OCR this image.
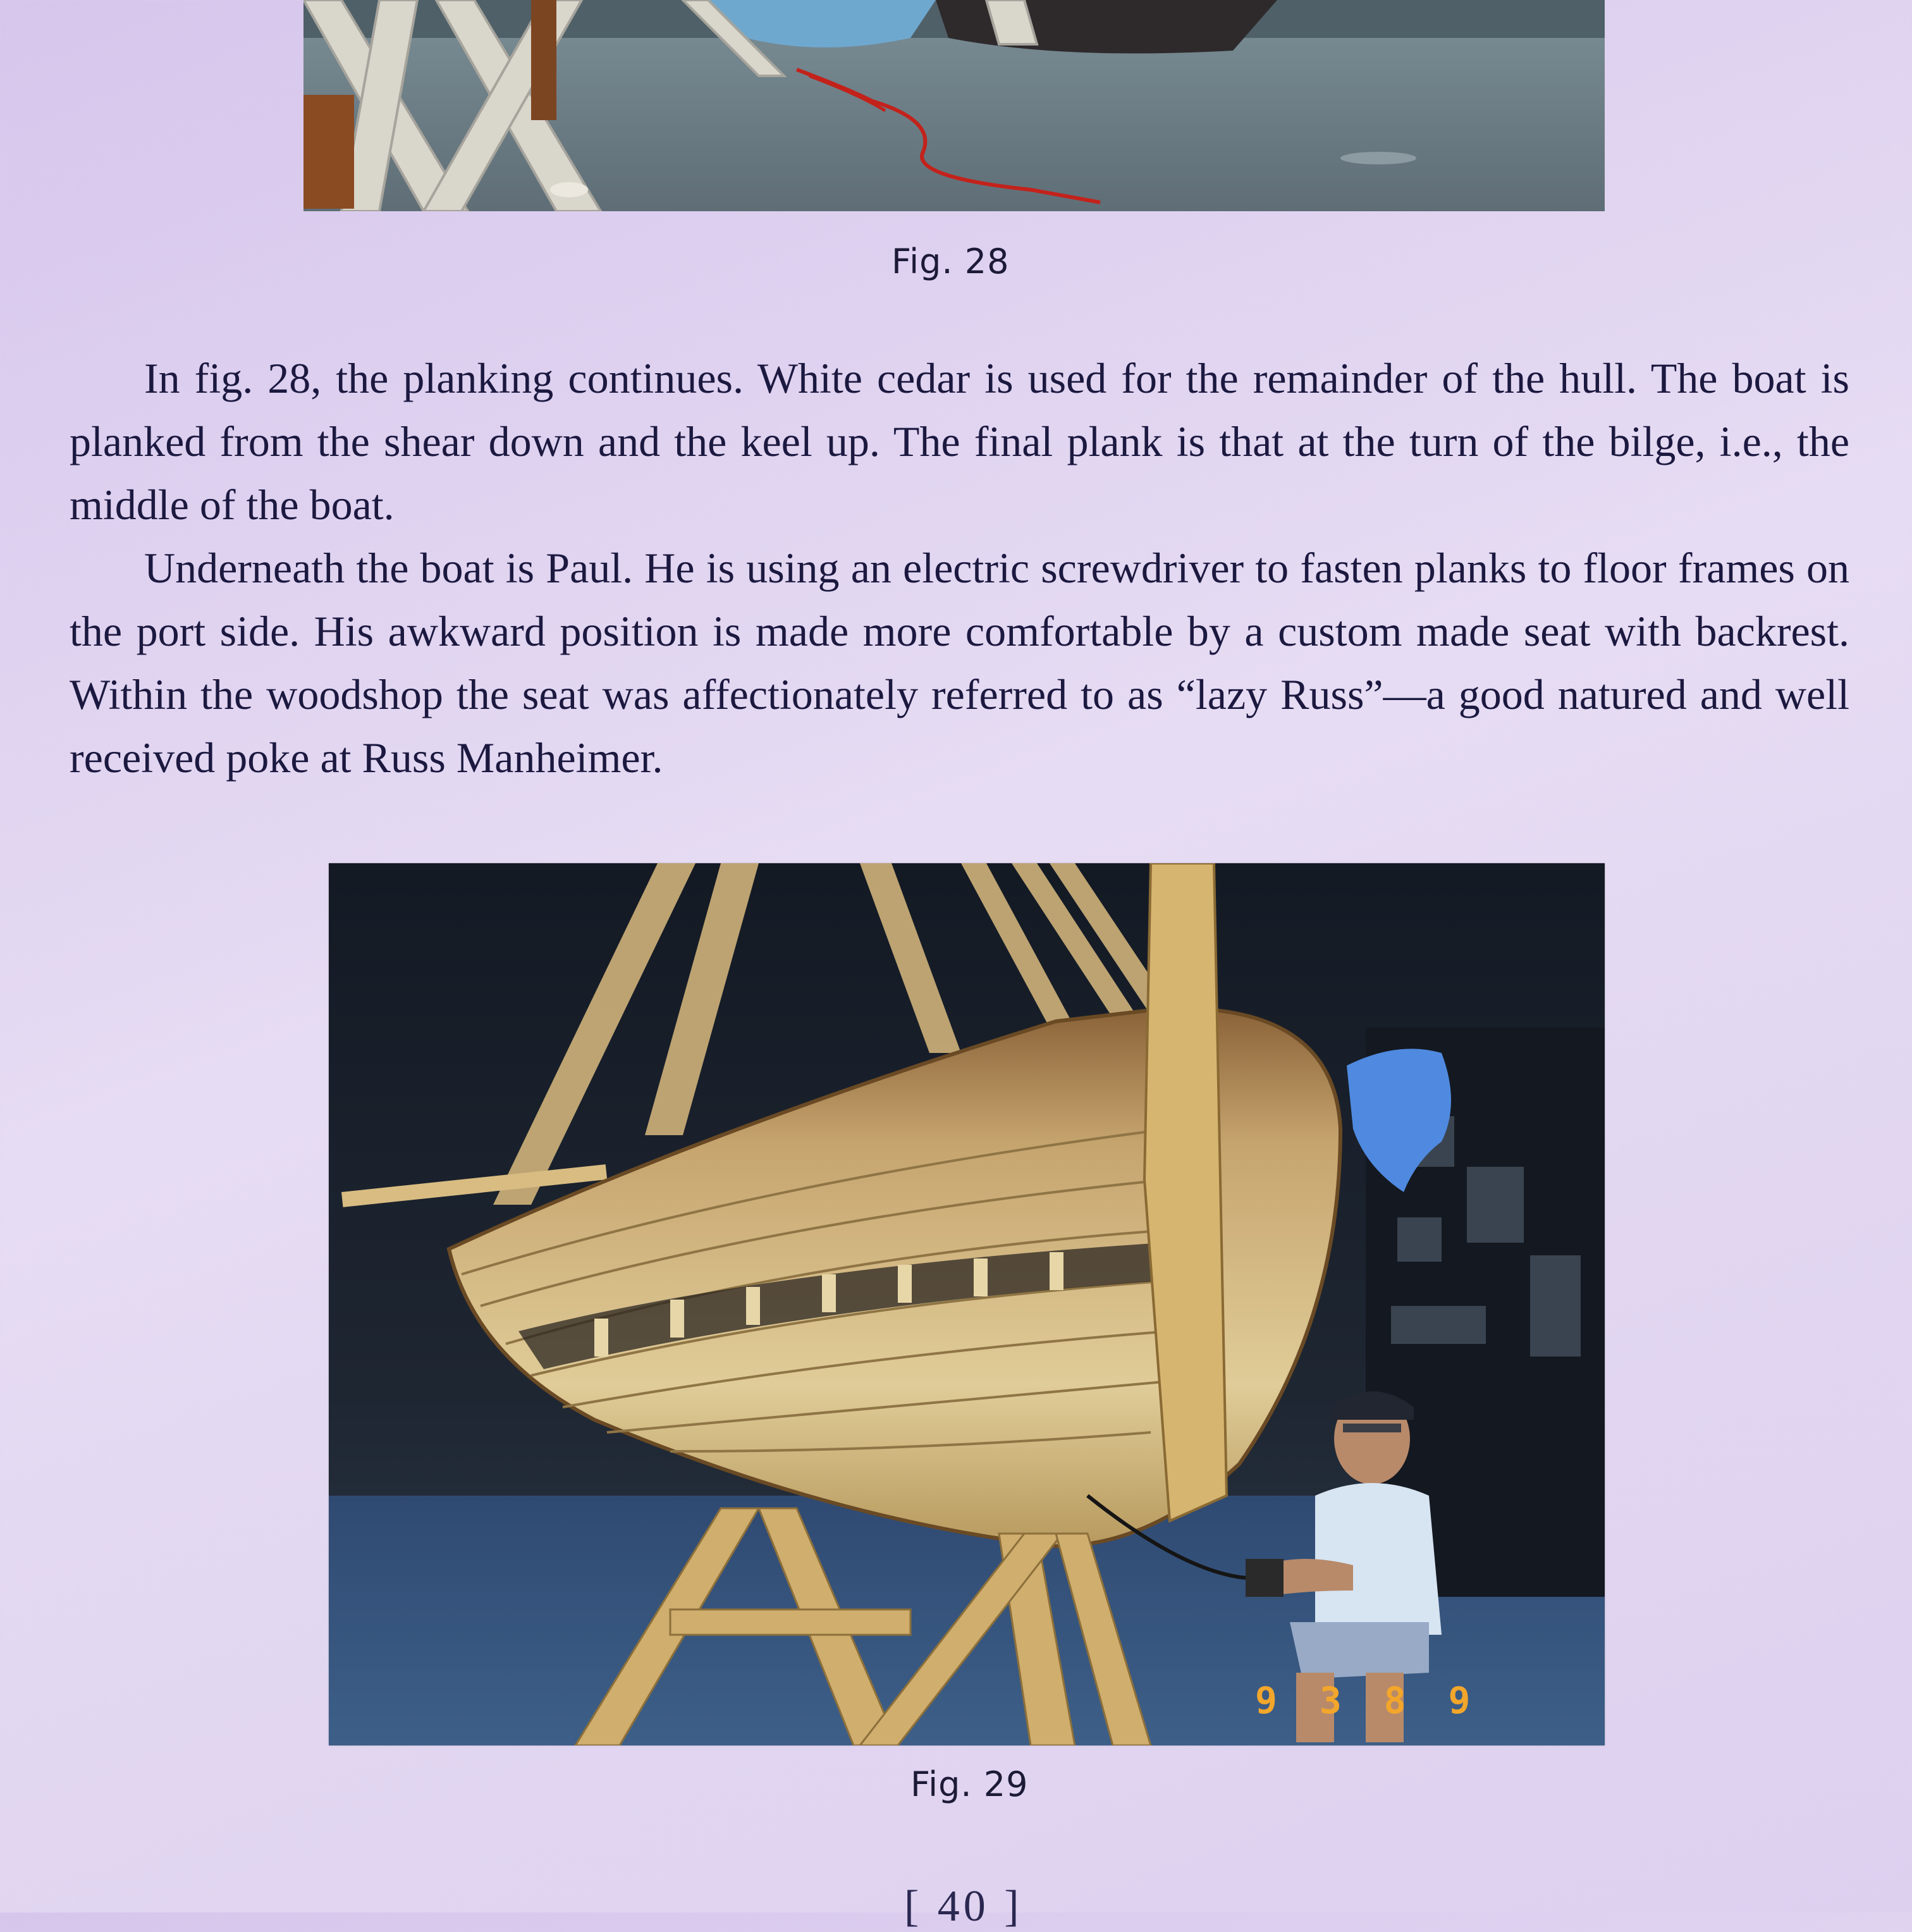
Fig. 28

In fig. 28, the planking continues. White cedar is used for the remainder of the hull. The boat is planked from the shear down and the keel up. The final plank is that at the turn of the bilge, i.e., the middle of the boat.

Underneath the boat is Paul. He is using an electric screwdriver to fasten planks to floor frames on the port side. His awkward position is made more comfortable by a custom made seat with backrest. Within the woodshop the seat was affectionately referred to as “lazy Russ”—a good natured and well received poke at Russ Manheimer.

9 3 8 9
Fig. 29
[ 40 ]
